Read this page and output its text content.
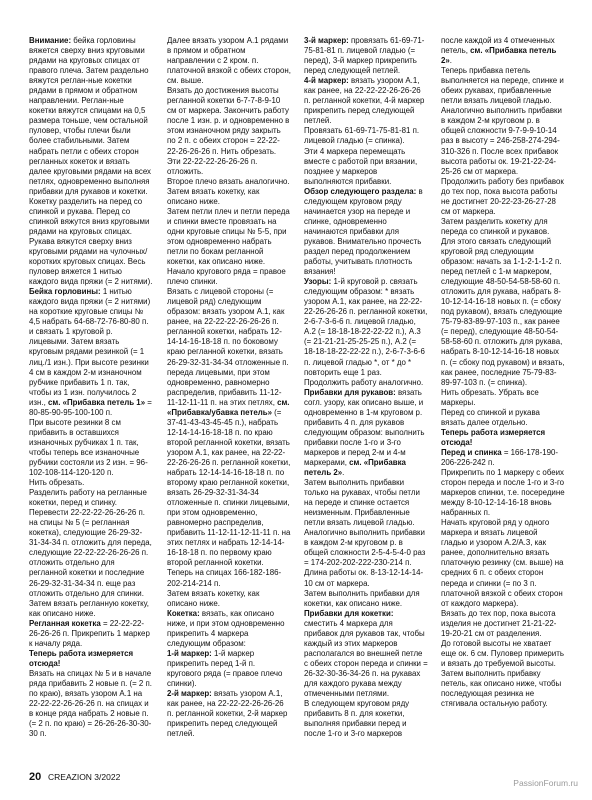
Внимание: бейка горловины вяжется сверху вниз круговыми рядами на круговых спицах от правого плеча. Затем раздельно вяжутся реглан-ные кокетки рядами в прямом и обратном направлении. Реглан-ные кокетки вяжутся спицами на 0,5 размера тоньше, чем остальной пуловер, чтобы плечи были более стабильными. Затем набрать петли с обеих сторон регланных кокеток и вязать далее круговыми рядами на всех петлях, одновременно выполняя прибавки для рукавов и кокетки. Кокетку разделить на перед со спинкой и рукава. Перед со спинкой вяжутся вниз круговыми рядами на круговых спицах. Рукава вяжутся сверху вниз круговыми рядами на чулочных/коротких круговых спицах. Весь пуловер вяжется 1 нитью каждого вида пряжи (= 2 нитями).
Бейка горловины: 1 нитью каждого вида пряжи (= 2 нитями) на короткие круговые спицы № 4,5 набрать 64-68-72-76-80-80 п. и связать 1 круговой р. лицевыми. Затем вязать круговым рядами резинкой (= 1 лиц./1 изн.). При высоте резинки 4 см в каждом 2-м изнаночном рубчике прибавить 1 п. так, чтобы из 1 изн. получилось 2 изн., см. «Прибавка петель 1» = 80-85-90-95-100-100 п.
При высоте резинки 8 см прибавить в оставшихся изнаночных рубчиках 1 п. так, чтобы теперь все изнаночные рубчики состояли из 2 изн. = 96-102-108-114-120-120 п.
Нить обрезать.
Разделить работу на регланные кокетки, перед и спинку. Перевести 22-22-22-26-26-26 п. на спицы № 5 (= регланная кокетка), следующие 26-29-32-31-34-34 п. отложить для переда, следующие 22-22-22-26-26-26 п. отложить отдельно для регланной кокетки и последние 26-29-32-31-34-34 п. еще раз отложить отдельно для спинки. Затем вязать регланную кокетку, как описано ниже.
Регланная кокетка = 22-22-22-26-26-26 п. Прикрепить 1 маркер к началу ряда.
Теперь работа измеряется отсюда!
Вязать на спицах № 5 и в начале ряда прибавить 2 новые п. (= 2 п. по краю), вязать узором А.1 на 22-22-22-26-26-26 п. на спицах и в конце ряда набрать 2 новые п. (= 2 п. по краю) = 26-26-26-30-30-30 п.
Далее вязать узором А.1 рядами в прямом и обратном направлении с 2 кром. п. платочной вязкой с обеих сторон, см. выше.
Вязать до достижения высоты регланной кокетки 6-7-7-8-9-10 см от маркера. Закончить работу после 1 изн. р. и одновременно в этом изнаночном ряду закрыть по 2 п. с обеих сторон = 22-22-22-26-26-26 п. Нить обрезать. Эти 22-22-22-26-26-26 п. отложить.
Второе плечо вязать аналогично.
Затем вязать кокетку, как описано ниже.
Затем петли плеч и петли переда и спинки вместе провязать на одни круговые спицы № 5-5, при этом одновременно набрать петли по бокам регланной кокетки, как описано ниже. Начало кругового ряда = правое плечо спинки.
Вязать с лицевой стороны (= лицевой ряд) следующим образом: вязать узором А.1, как ранее, на 22-22-22-26-26-26 п. регланной кокетки, набрать 12-14-14-16-18-18 п. по боковому краю регланной кокетки, вязать 26-29-32-31-34-34 отложенные п. переда лицевыми, при этом одновременно, равномерно распределив, прибавить 11-12-11-12-11-11 п. на этих петлях, см. «Прибавка/убавка петель» (= 37-41-43-43-45-45 п.), набрать 12-14-14-16-18-18 п. по краю второй регланной кокетки, вязать узором А.1, как ранее, на 22-22-22-26-26-26 п. регланной кокетки, набрать 12-14-14-16-18-18 п. по второму краю регланной кокетки, вязать 26-29-32-31-34-34 отложенные п. спинки лицевыми, при этом одновременно, равномерно распределив, прибавить 11-12-11-12-11-11 п. на этих петлях и набрать 12-14-14-16-18-18 п. по первому краю второй регланной кокетки. Теперь на спицах 166-182-186-202-214-214 п.
Затем вязать кокетку, как описано ниже.
Кокетка: вязать, как описано ниже, и при этом одновременно прикрепить 4 маркера следующим образом:
1-й маркер: 1-й маркер прикрепить перед 1-й п. кругового ряда (= правое плечо спинки).
2-й маркер: вязать узором А.1, как ранее, на 22-22-22-26-26-26 п. регланной кокетки, 2-й маркер прикрепить перед следующей петлей.
3-й маркер: провязать 61-69-71-75-81-81 п. лицевой гладью (= перед), 3-й маркер прикрепить перед следующей петлей.
4-й маркер: вязать узором А.1, как ранее, на 22-22-22-26-26-26 п. регланной кокетки, 4-й маркер прикрепить перед следующей петлей.
Провязать 61-69-71-75-81-81 п. лицевой гладью (= спинка).
Эти 4 маркера перемещать вместе с работой при вязании, позднее у маркеров выполняются прибавки.
Обзор следующего раздела: в следующем круговом ряду начинается узор на переде и спинке, одновременно начинаются прибавки для рукавов. Внимательно прочесть раздел перед продолжением работы, учитывать плотность вязания!
Узоры: 1-й круговой р. связать следующим образом: * вязать узором А.1, как ранее, на 22-22-22-26-26-26 п. регланной кокетки, 2-6-7-3-6-6 п. лицевой гладью, А.2 (= 18-18-18-22-22-22 п.), А.3 (= 21-21-21-25-25-25 п.), А.2 (= 18-18-18-22-22-22 п.), 2-6-7-3-6-6 п. лицевой гладью *, от * до * повторить еще 1 раз. Продолжить работу аналогично.
Прибавки для рукавов: вязать согл. узору, как описано выше, и одновременно в 1-м круговом р. прибавить 4 п. для рукавов следующим образом: выполнить прибавки после 1-го и 3-го маркеров и перед 2-м и 4-м маркерами, см. «Прибавка петель 2».
Затем выполнить прибавки только на рукавах, чтобы петли на переде и спинке остается неизменным. Прибавленные петли вязать лицевой гладью. Аналогично выполнить прибавки в каждом 2-м круговом р. в общей сложности 2-5-4-5-4-0 раз = 174-202-202-222-230-214 п. Длина работы ок. 8-13-12-14-14-10 см от маркера.
Затем выполнить прибавки для кокетки, как описано ниже.
Прибавки для кокетки: сместить 4 маркера для прибавок для рукавов так, чтобы каждый из этих маркеров располагался во внешней петле с обеих сторон переда и спинки = 26-32-30-36-34-26 п. на рукавах для каждого рукава между отмеченными петлями.
В следующем круговом ряду прибавить 8 п. для кокетки, выполняя прибавки перед и после 1-го и 3-го маркеров
после каждой из 4 отмеченных петель, см. «Прибавка петель 2».
Теперь прибавка петель выполняется на переде, спинке и обеих рукавах, прибавленные петли вязать лицевой гладью.
Аналогично выполнить прибавки в каждом 2-м круговом р. в общей сложности 9-7-9-9-10-14 раз в высоту = 246-258-274-294-310-326 п. После всех прибавок высота работы ок. 19-21-22-24-25-26 см от маркера.
Продолжить работу без прибавок до тех пор, пока высота работы не достигнет 20-22-23-26-27-28 см от маркера.
Затем разделить кокетку для переда со спинкой и рукавов.
Для этого связать следующий круговой ряд следующим образом: начать за 1-1-2-1-1-2 п. перед петлей с 1-м маркером, следующие 48-50-54-58-58-60 п. отложить для рукава, набрать 8-10-12-14-16-18 новых п. (= сбоку под рукавом), вязать следующие 75-79-83-89-97-103 п., как ранее (= перед), следующие 48-50-54-58-58-60 п. отложить для рукава, набрать 8-10-12-14-16-18 новых п. (= сбоку под рукавом) и вязать, как ранее, последние 75-79-83-89-97-103 п. (= спинка).
Нить обрезать. Убрать все маркеры.
Перед со спинкой и рукава вязать далее отдельно.
Теперь работа измеряется отсюда!
Перед и спинка = 166-178-190-206-226-242 п.
Прикрепить по 1 маркеру с обеих сторон переда и после 1-го и 3-го маркеров спинки, т.е. посередине между 8-10-12-14-16-18 вновь набранных п.
Начать круговой ряд у одного маркера и вязать лицевой гладью и узором А.2/А.3, как ранее, дополнительно вязать платочную резинку (см. выше) на средних 6 п. с обеих сторон переда и спинки (= по 3 п. платочной вязкой с обеих сторон от каждого маркера).
Вязать до тех пор, пока высота изделия не достигнет 21-21-22-19-20-21 см от разделения.
До готовой высоты не хватает еще ок. 6 см. Пуловер примерить и вязать до требуемой высоты.
Затем выполнить прибавку петель, как описано ниже, чтобы последующая резинка не стягивала остальную работу.
20 CREAZION 3/2022
PassionForum.ru
